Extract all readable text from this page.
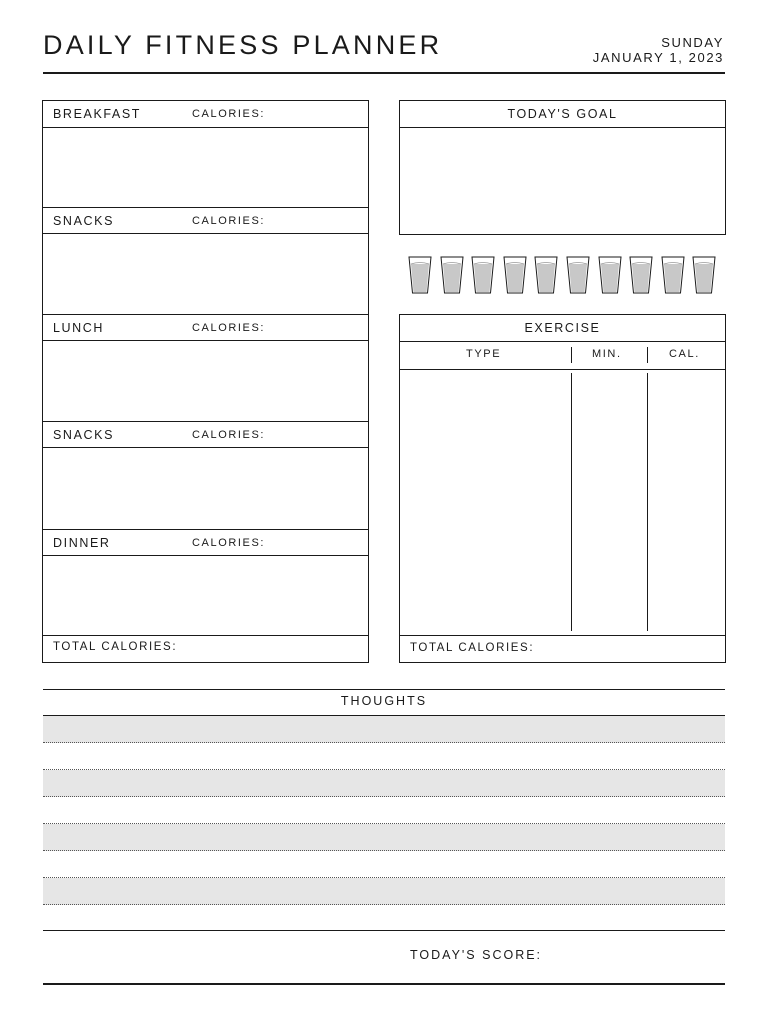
DAILY FITNESS PLANNER	SUNDAY
JANUARY 1, 2023
BREAKFAST	CALORIES:
SNACKS	CALORIES:
LUNCH	CALORIES:
SNACKS	CALORIES:
DINNER	CALORIES:
TOTAL CALORIES:
TODAY'S GOAL
EXERCISE
TYPE	MIN.	CAL.
TOTAL CALORIES:
THOUGHTS
TODAY'S SCORE:
